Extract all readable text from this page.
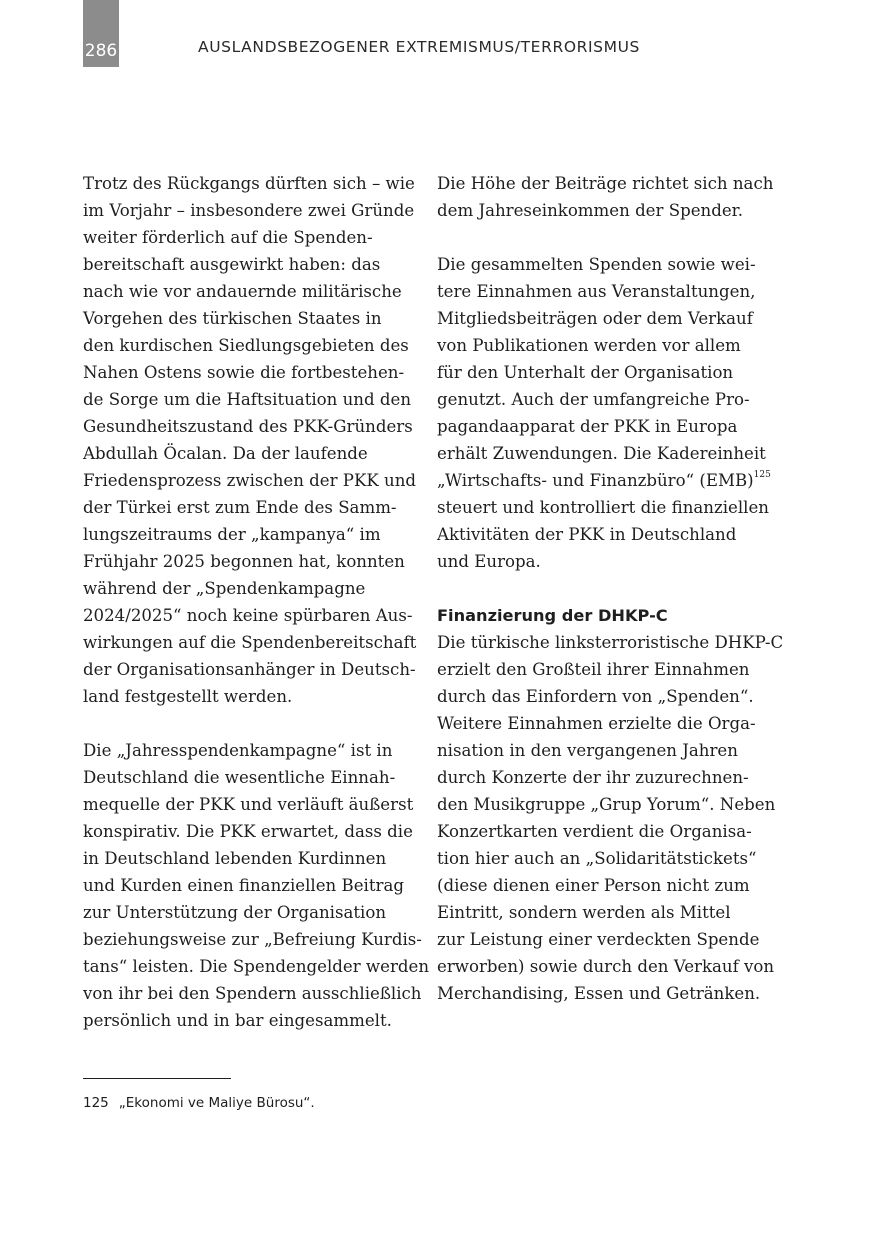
286	AUSLANDSBEZOGENER EXTREMISMUS/TERRORISMUS
Trotz des Rückgangs dürften sich – wie
im Vorjahr – insbesondere zwei Gründe
weiter förderlich auf die Spenden-
bereitschaft ausgewirkt haben: das
nach wie vor andauernde militärische
Vorgehen des türkischen Staates in
den kurdischen Siedlungsgebieten des
Nahen Ostens sowie die fortbestehen-
de Sorge um die Haftsituation und den
Gesundheitszustand des PKK-Gründers
Abdullah Öcalan. Da der laufende
Friedensprozess zwischen der PKK und
der Türkei erst zum Ende des Samm-
lungszeitraums der „kampanya“ im
Frühjahr 2025 begonnen hat, konnten
während der „Spendenkampagne
2024/2025“ noch keine spürbaren Aus-
wirkungen auf die Spendenbereitschaft
der Organisationsanhänger in Deutsch-
land festgestellt werden.
Die „Jahresspendenkampagne“ ist in
Deutschland die wesentliche Einnah-
mequelle der PKK und verläuft äußerst
konspirativ. Die PKK erwartet, dass die
in Deutschland lebenden Kurdinnen
und Kurden einen finanziellen Beitrag
zur Unterstützung der Organisation
beziehungsweise zur „Befreiung Kurdis-
tans“ leisten. Die Spendengelder werden
von ihr bei den Spendern ausschließlich
persönlich und in bar eingesammelt.
Die Höhe der Beiträge richtet sich nach
dem Jahreseinkommen der Spender.
Die gesammelten Spenden sowie wei-
tere Einnahmen aus Veranstaltungen,
Mitgliedsbeiträgen oder dem Verkauf
von Publikationen werden vor allem
für den Unterhalt der Organisation
genutzt. Auch der umfangreiche Pro-
pagandaapparat der PKK in Europa
erhält Zuwendungen. Die Kadereinheit
„Wirtschafts- und Finanzbüro“ (EMB)$^{125}$
steuert und kontrolliert die finanziellen
Aktivitäten der PKK in Deutschland
und Europa.
Finanzierung der DHKP-C
Die türkische linksterroristische DHKP-C
erzielt den Großteil ihrer Einnahmen
durch das Einfordern von „Spenden“.
Weitere Einnahmen erzielte die Orga-
nisation in den vergangenen Jahren
durch Konzerte der ihr zuzurechnen-
den Musikgruppe „Grup Yorum“. Neben
Konzertkarten verdient die Organisa-
tion hier auch an „Solidaritätstickets“
(diese dienen einer Person nicht zum
Eintritt, sondern werden als Mittel
zur Leistung einer verdeckten Spende
erworben) sowie durch den Verkauf von
Merchandising, Essen und Getränken.
125 „Ekonomi ve Maliye Bürosu“.
